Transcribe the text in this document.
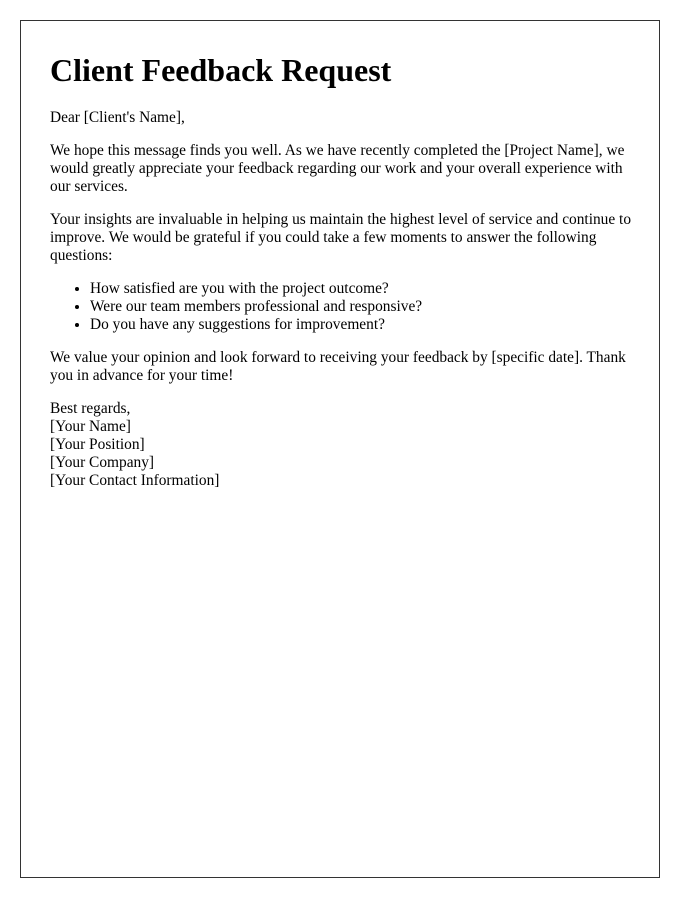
Client Feedback Request

Dear [Client's Name],

We hope this message finds you well. As we have recently completed the [Project Name], we would greatly appreciate your feedback regarding our work and your overall experience with our services.

Your insights are invaluable in helping us maintain the highest level of service and continue to improve. We would be grateful if you could take a few moments to answer the following questions:

• How satisfied are you with the project outcome?
• Were our team members professional and responsive?
• Do you have any suggestions for improvement?

We value your opinion and look forward to receiving your feedback by [specific date]. Thank you in advance for your time!

Best regards,
[Your Name]
[Your Position]
[Your Company]
[Your Contact Information]
